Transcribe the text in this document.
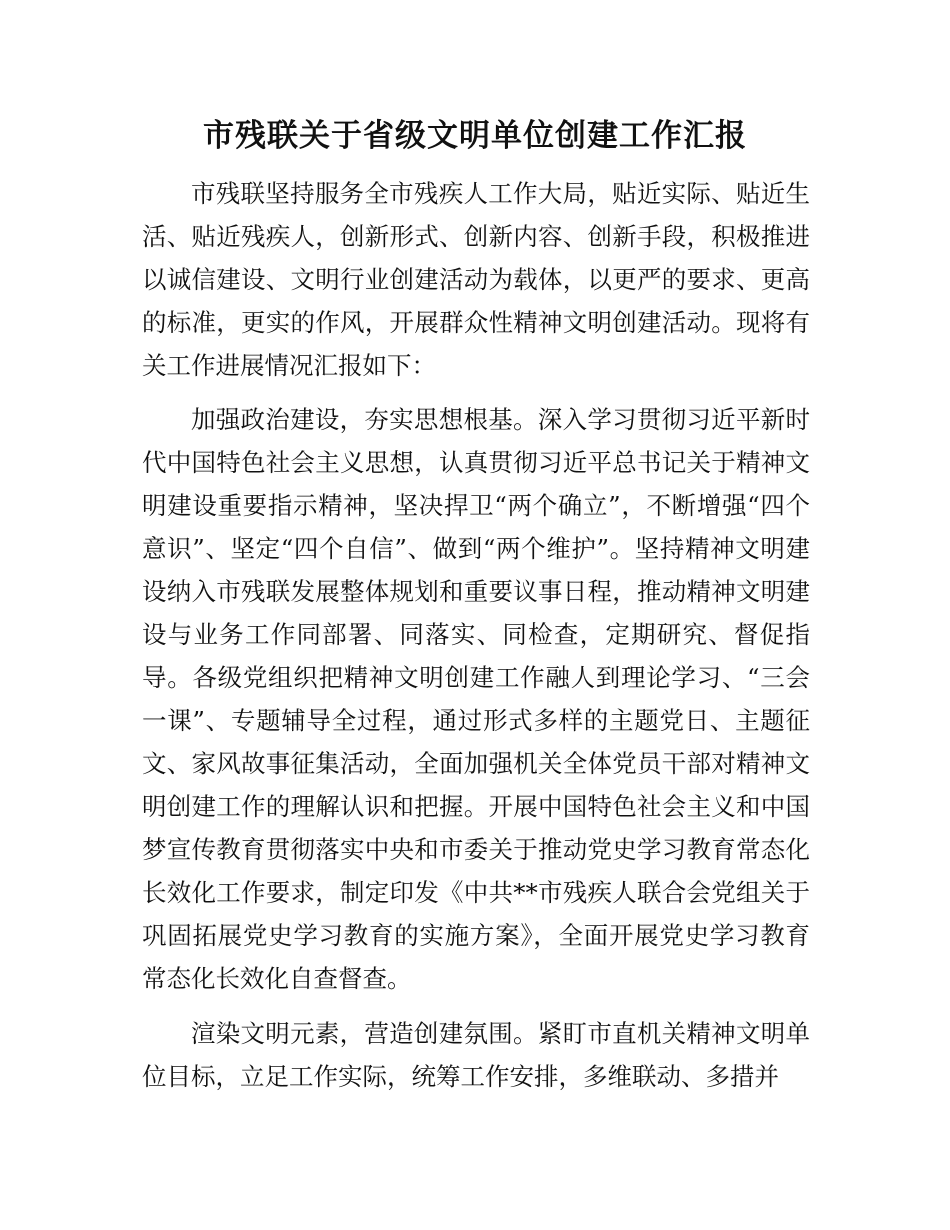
市残联关于省级文明单位创建工作汇报

市残联坚持服务全市残疾人工作大局，贴近实际、贴近生活、贴近残疾人，创新形式、创新内容、创新手段，积极推进以诚信建设、文明行业创建活动为载体，以更严的要求、更高的标准，更实的作风，开展群众性精神文明创建活动。现将有关工作进展情况汇报如下：

加强政治建设，夯实思想根基。深入学习贯彻习近平新时代中国特色社会主义思想，认真贯彻习近平总书记关于精神文明建设重要指示精神，坚决捍卫“两个确立”，不断增强“四个意识”、坚定“四个自信”、做到“两个维护”。坚持精神文明建设纳入市残联发展整体规划和重要议事日程，推动精神文明建设与业务工作同部署、同落实、同检查，定期研究、督促指导。各级党组织把精神文明创建工作融人到理论学习、“三会一课”、专题辅导全过程，通过形式多样的主题党日、主题征文、家风故事征集活动，全面加强机关全体党员干部对精神文明创建工作的理解认识和把握。开展中国特色社会主义和中国梦宣传教育贯彻落实中央和市委关于推动党史学习教育常态化长效化工作要求，制定印发《中共**市残疾人联合会党组关于巩固拓展党史学习教育的实施方案》，全面开展党史学习教育常态化长效化自查督查。

渲染文明元素，营造创建氛围。紧盯市直机关精神文明单位目标，立足工作实际，统筹工作安排，多维联动、多措并
